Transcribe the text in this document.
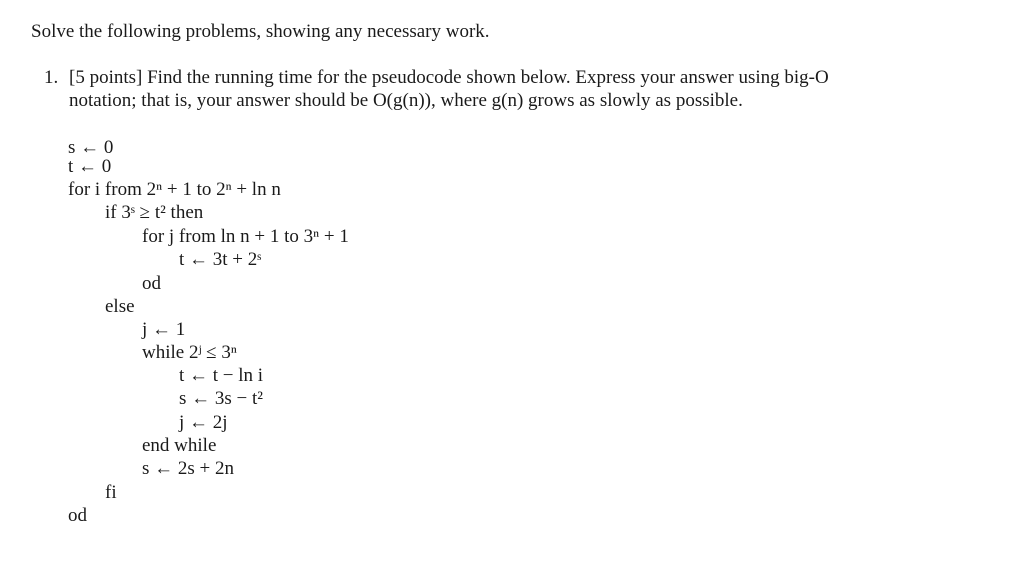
Solve the following problems, showing any necessary work.
1. [5 points] Find the running time for the pseudocode shown below. Express your answer using big-O
notation; that is, your answer should be O(g(n)), where g(n) grows as slowly as possible.
s ← 0
t ← 0
for i from 2ⁿ + 1 to 2ⁿ + ln n
if 3ˢ ≥ t² then
for j from ln n + 1 to 3ⁿ + 1
t ← 3t + 2ˢ
od
else
j ← 1
while 2ʲ ≤ 3ⁿ
t ← t − ln i
s ← 3s − t²
j ← 2j
end while
s ← 2s + 2n
fi
od
